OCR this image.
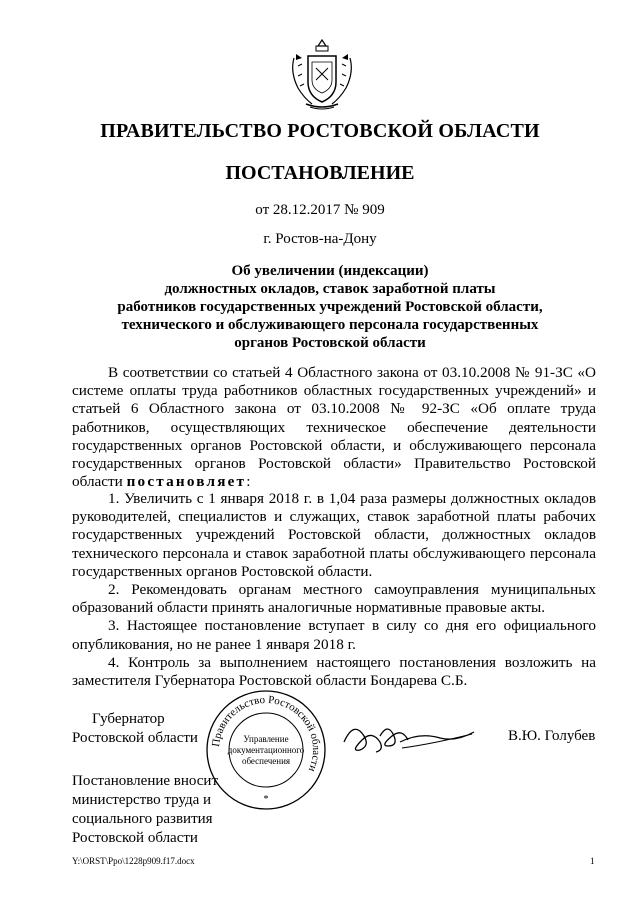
ПРАВИТЕЛЬСТВО РОСТОВСКОЙ ОБЛАСТИ
ПОСТАНОВЛЕНИЕ
от 28.12.2017 № 909
г. Ростов-на-Дону
Об увеличении (индексации)
должностных окладов, ставок заработной платы
работников государственных учреждений Ростовской области,
технического и обслуживающего персонала государственных
органов Ростовской области

В соответствии со статьей 4 Областного закона от 03.10.2008 № 91-ЗС «О системе оплаты труда работников областных государственных учреждений» и статьей 6 Областного закона от 03.10.2008 № 92-ЗС «Об оплате труда работников, осуществляющих техническое обеспечение деятельности государственных органов Ростовской области, и обслуживающего персонала государственных органов Ростовской области» Правительство Ростовской области постановляет:

1. Увеличить с 1 января 2018 г. в 1,04 раза размеры должностных окладов руководителей, специалистов и служащих, ставок заработной платы рабочих государственных учреждений Ростовской области, должностных окладов технического персонала и ставок заработной платы обслуживающего персонала государственных органов Ростовской области.

2. Рекомендовать органам местного самоуправления муниципальных образований области принять аналогичные нормативные правовые акты.

3. Настоящее постановление вступает в силу со дня его официального опубликования, но не ранее 1 января 2018 г.

4. Контроль за выполнением настоящего постановления возложить на заместителя Губернатора Ростовской области Бондарева С.Б.

Губернатор
Ростовской области	Правительство Ростовской области
Управление
документационного
обеспечения
*
В.Ю. Голубев
Постановление вносит
министерство труда и
социального развития
Ростовской области
Y:\ORST\Ppo\1228p909.f17.docx	1
